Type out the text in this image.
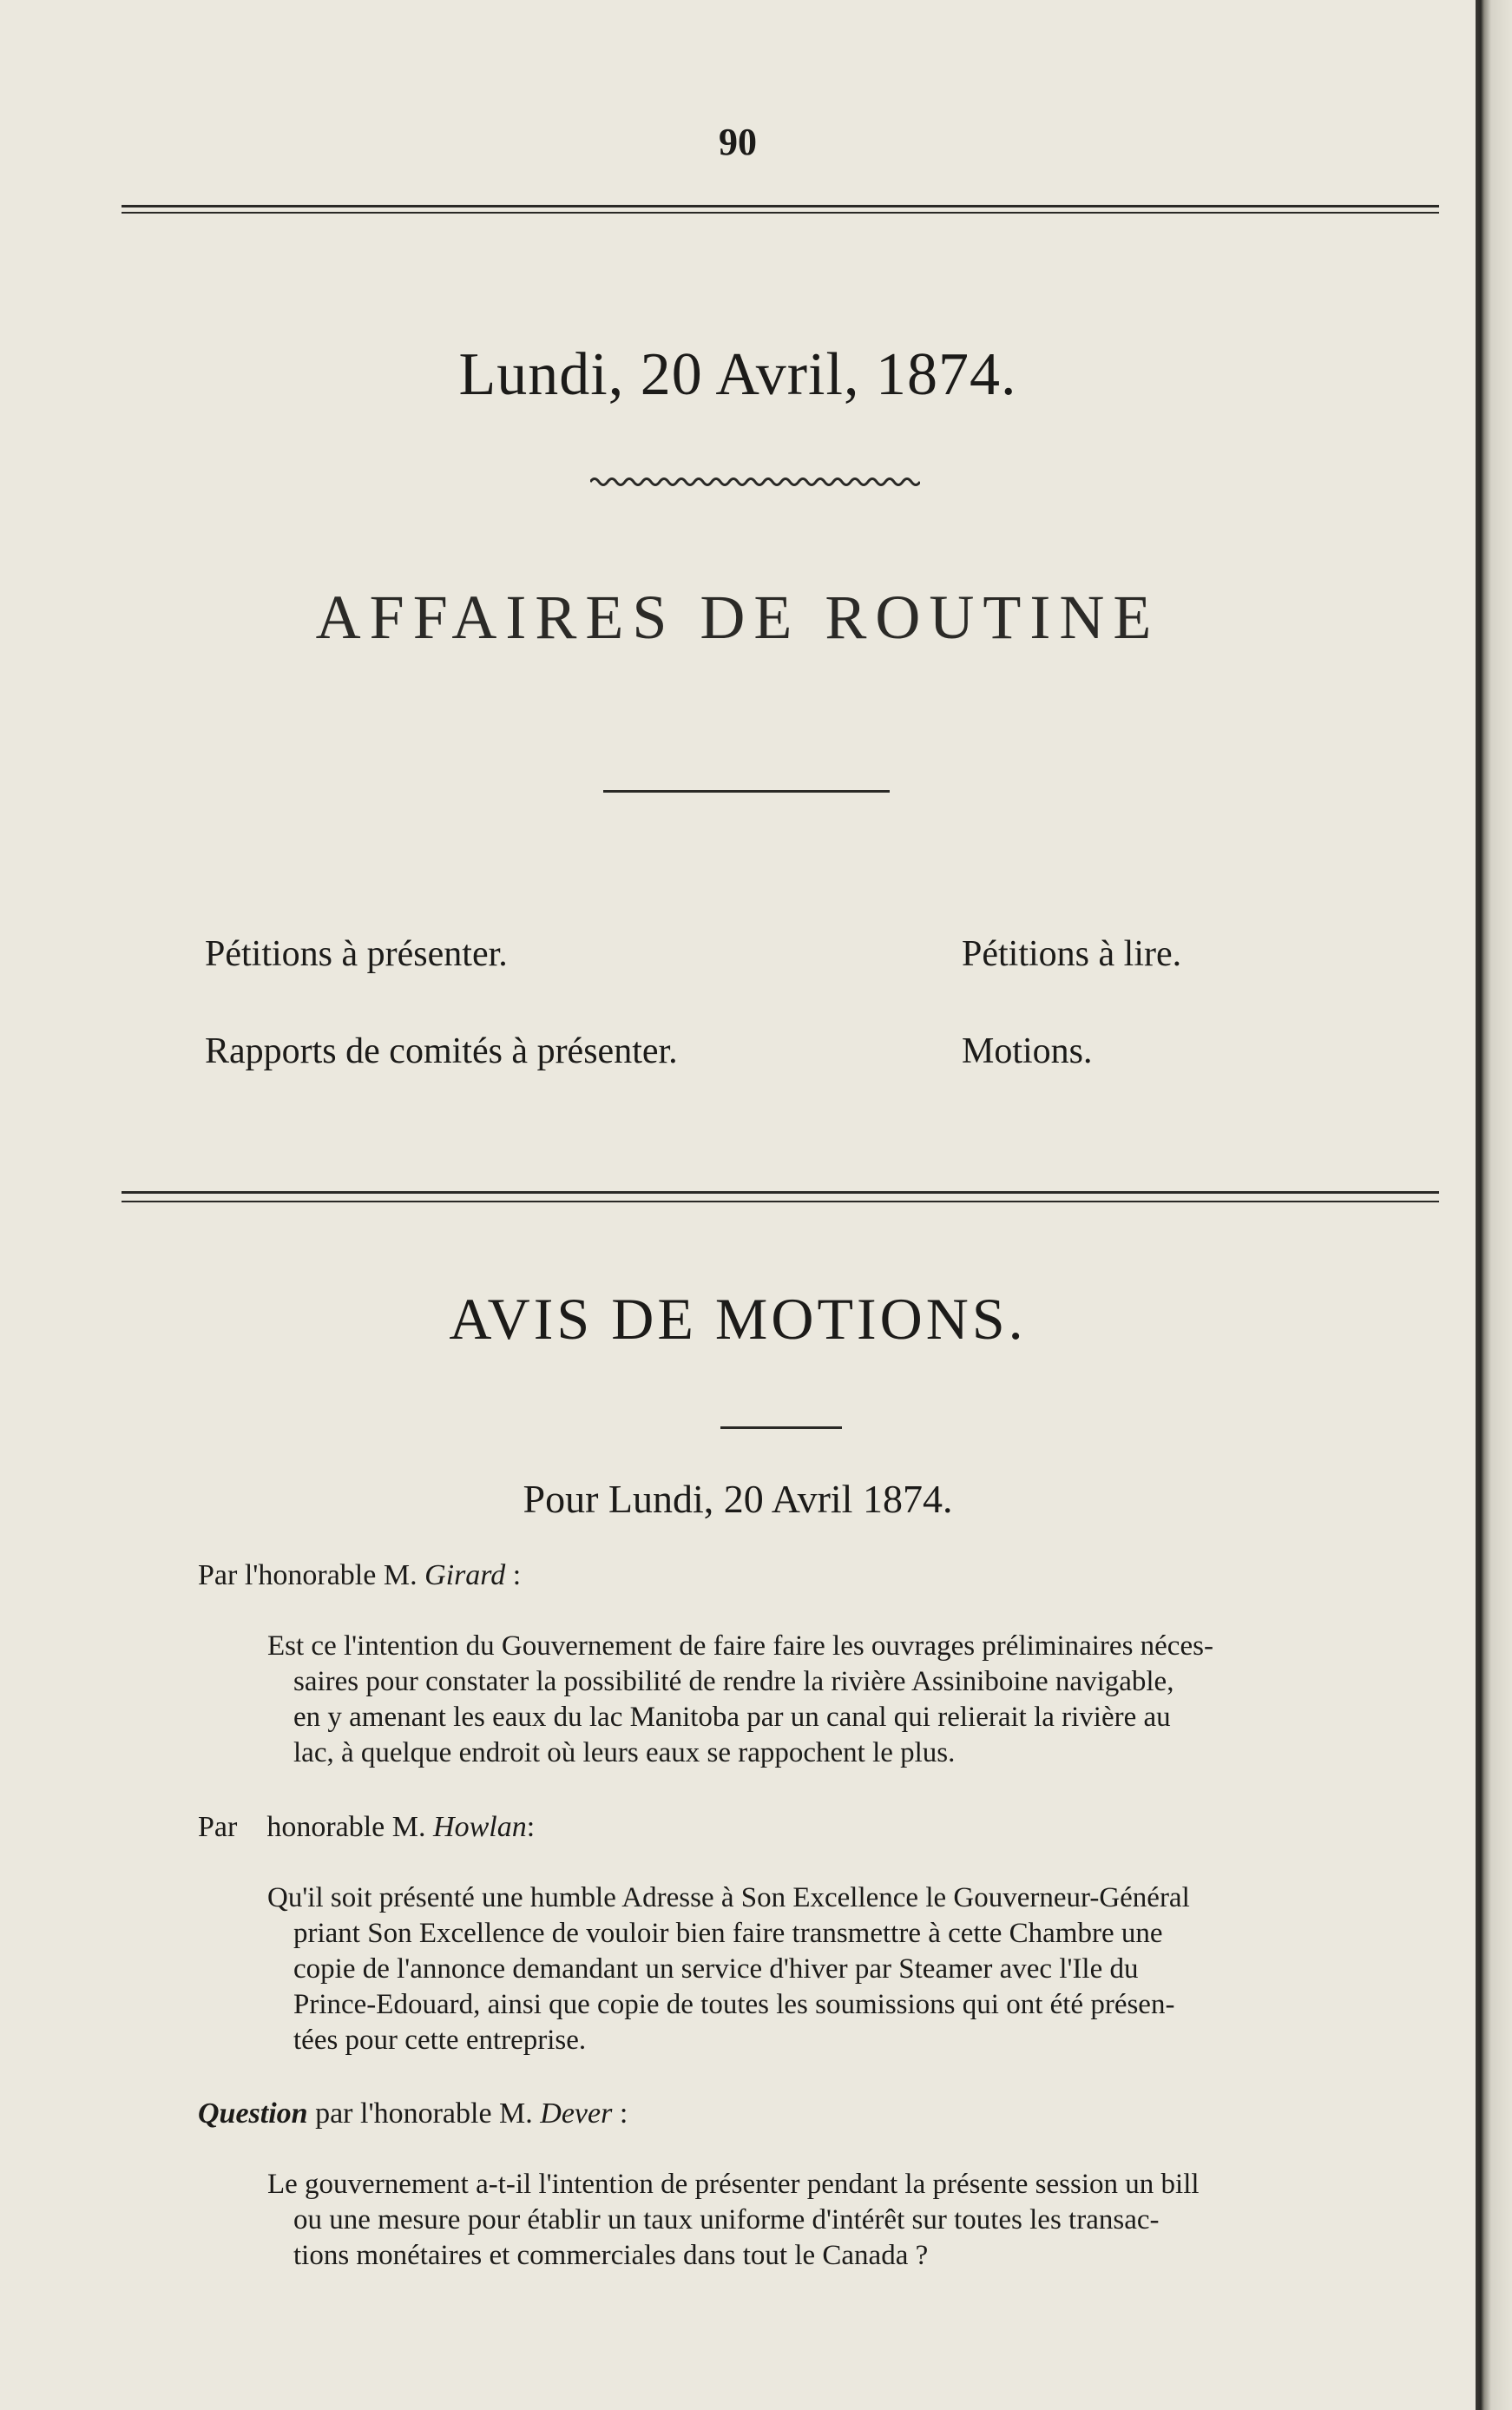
90
Lundi, 20 Avril, 1874.
AFFAIRES DE ROUTINE
Pétitions à présenter.	Pétitions à lire.
Rapports de comités à présenter.	Motions.
AVIS DE MOTIONS.
Pour Lundi, 20 Avril 1874.
Par l'honorable M. Girard :
Est ce l'intention du Gouvernement de faire faire les ouvrages préliminaires néces-
saires pour constater la possibilité de rendre la rivière Assiniboine navigable,
en y amenant les eaux du lac Manitoba par un canal qui relierait la rivière au
lac, à quelque endroit où leurs eaux se rappochent le plus.
Par    honorable M. Howlan:
Qu'il soit présenté une humble Adresse à Son Excellence le Gouverneur-Général
priant Son Excellence de vouloir bien faire transmettre à cette Chambre une
copie de l'annonce demandant un service d'hiver par Steamer avec l'Ile du
Prince-Edouard, ainsi que copie de toutes les soumissions qui ont été présen-
tées pour cette entreprise.
Question par l'honorable M. Dever :
Le gouvernement a-t-il l'intention de présenter pendant la présente session un bill
ou une mesure pour établir un taux uniforme d'intérêt sur toutes les transac-
tions monétaires et commerciales dans tout le Canada ?
